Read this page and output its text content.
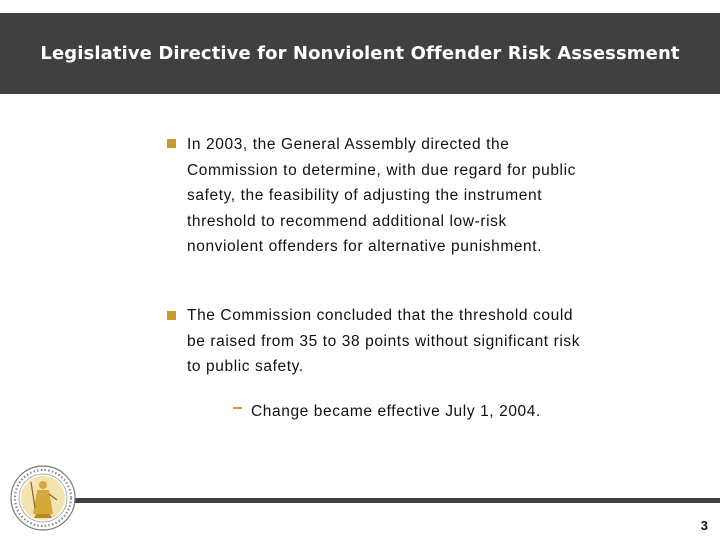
Legislative Directive for Nonviolent Offender Risk Assessment
In 2003, the General Assembly directed the Commission to determine, with due regard for public safety, the feasibility of adjusting the instrument threshold to recommend additional low-risk nonviolent offenders for alternative punishment.
The Commission concluded that the threshold could be raised from 35 to 38 points without significant risk to public safety.
Change became effective July 1, 2004.
3
